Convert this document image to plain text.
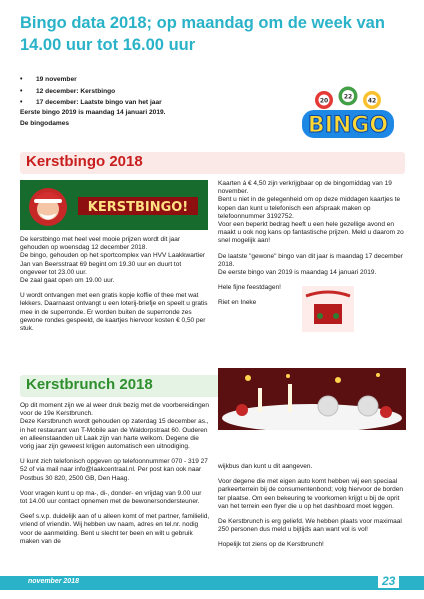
Bingo data 2018; op maandag om de week van 14.00 uur tot 16.00 uur
• 19 november
• 12 december: Kerstbingo
• 17 december: Laatste bingo van het jaar
Eerste bingo 2019 is maandag 14 januari 2019.
De bingodames
20
22
42
BINGO
Kerstbingo 2018
KERSTBINGO!

De kerstbingo met heel veel mooie prijzen wordt dit jaar gehouden op woensdag 12 december 2018.

De bingo, gehouden op het sportcomplex van HVV Laakkwartier Jan van Beersstraat 69 begint om 19.30 uur en duurt tot ongeveer tot 23.00 uur.

De zaal gaat open om 19.00 uur.

U wordt ontvangen met een gratis kopje koffie of thee met wat lekkers. Daarnaast ontvangt u een loterij-briefje en speelt u gratis mee in de superronde. Er worden buiten de superronde zes gewone rondes gespeeld, de kaartjes hiervoor kosten € 0,50 per stuk.

Kaarten á € 4,50 zijn verkrijgbaar op de bingomiddag van 19 november.

Bent u niet in de gelegenheid om op deze middagen kaartjes te kopen dan kunt u telefonisch een afspraak maken op telefoonnummer 3192752.

Voor een beperkt bedrag heeft u een hele gezellige avond en maakt u ook nog kans op fantastische prijzen. Meld u daarom zo snel mogelijk aan!

De laatste "gewone" bingo van dit jaar is maandag 17 december 2018.

De eerste bingo van 2019 is maandag 14 januari 2019.

Hele fijne feestdagen!

Riet en Ineke

Kerstbrunch 2018

Op dit moment zijn we al weer druk bezig met de voorbereidingen voor de 19e Kerstbrunch.

Deze Kerstbrunch wordt gehouden op zaterdag 15 december as., in het restaurant van T-Mobile aan de Waldorpstraat 60. Ouderen en alleenstaanden uit Laak zijn van harte welkom. Degene die vorig jaar zijn geweest krijgen automatisch een uitnodiging.

U kunt zich telefonisch opgeven op telefoonnummer 070 - 319 27 52 of via mail naar info@laakcentraal.nl. Per post kan ook naar Postbus 30 820, 2500 GB, Den Haag.

Voor vragen kunt u op ma-, di-, donder- en vrijdag van 9.00 uur tot 14.00 uur contact opnemen met de bewonersondersteuner.

Geef s.v.p. duidelijk aan of u alleen komt of met partner, familielid, vriend of vriendin. Wij hebben uw naam, adres en tel.nr. nodig voor de aanmelding. Bent u slecht ter been en wilt u gebruik maken van de

wijkbus dan kunt u dit aangeven.

Voor degene die met eigen auto komt hebben wij een speciaal parkeerterrein bij de consumentenbond; volg hiervoor de borden ter plaatse. Om een bekeuring te voorkomen krijgt u bij de oprit van het terrein een flyer die u op het dashboard moet leggen.

De Kerstbrunch is erg geliefd. We hebben plaats voor maximaal 250 personen dus meld u bijtijds aan want vol is vol!

Hopelijk tot ziens op de Kerstbrunch!

november 2018	23
